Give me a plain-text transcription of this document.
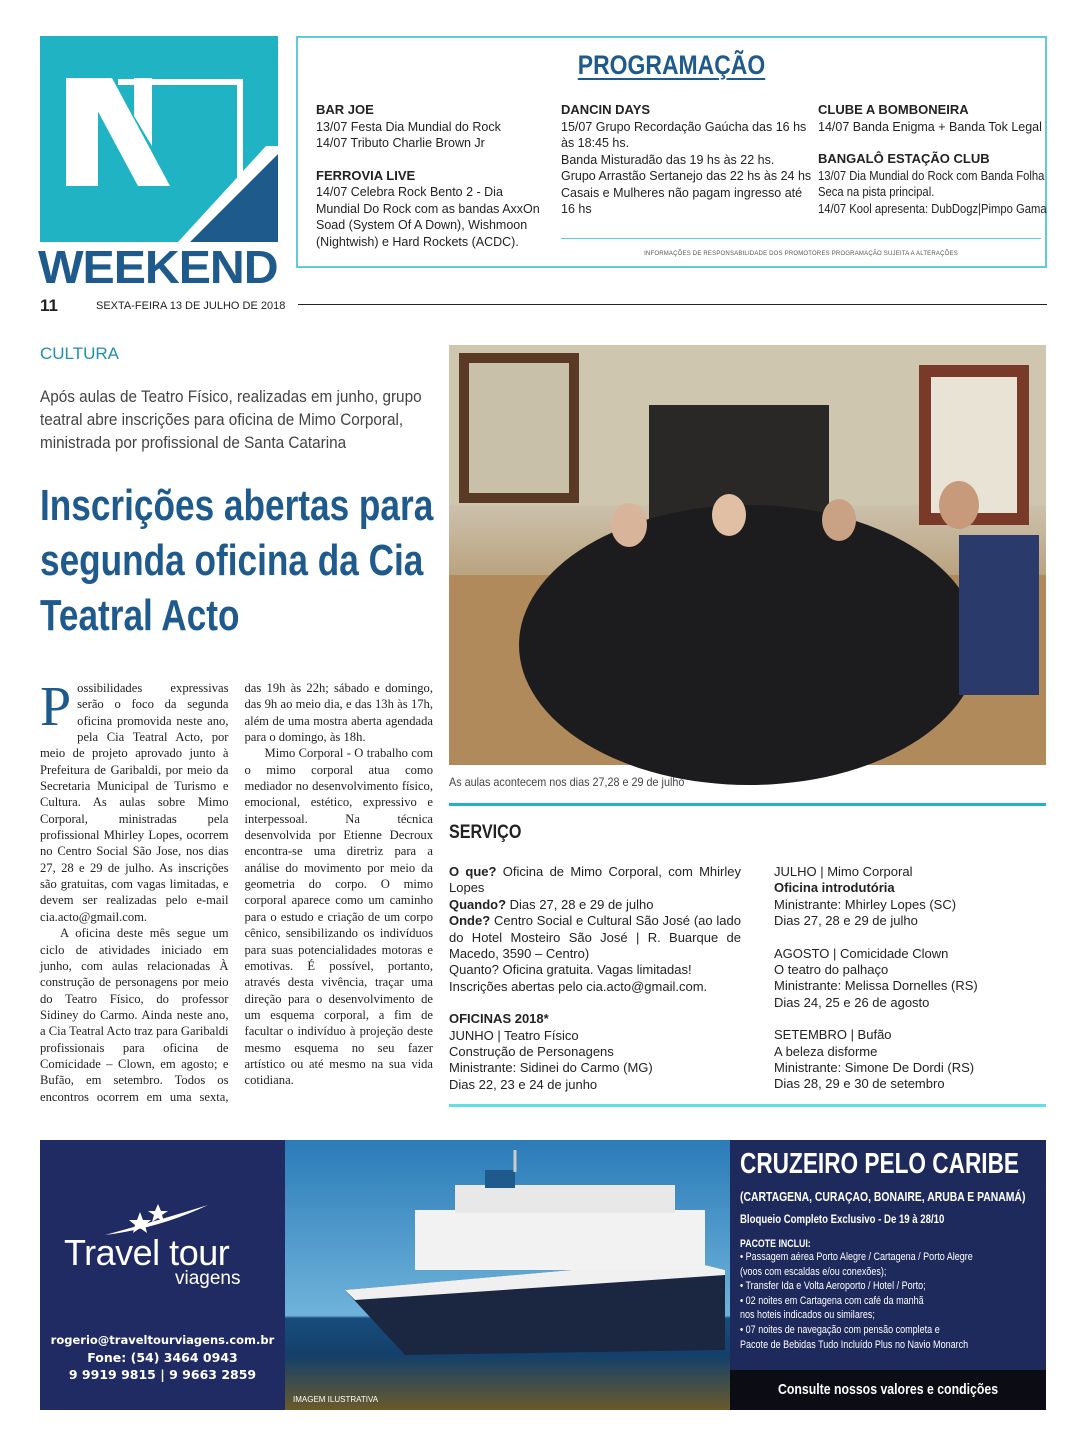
WEEKEND
11	SEXTA-FEIRA 13 DE JULHO DE 2018
PROGRAMAÇÃO
BAR JOE
13/07 Festa Dia Mundial do Rock
14/07 Tributo Charlie Brown Jr
FERROVIA LIVE
14/07 Celebra Rock Bento 2 - Dia
Mundial Do Rock com as bandas AxxOn
Soad (System Of A Down), Wishmoon
(Nightwish) e Hard Rockets (ACDC).
DANCIN DAYS
15/07 Grupo Recordação Gaúcha das 16 hs
às 18:45 hs.
Banda Misturadão das 19 hs às 22 hs.
Grupo Arrastão Sertanejo das 22 hs às 24 hs
Casais e Mulheres não pagam ingresso até
16 hs
CLUBE A BOMBONEIRA
14/07 Banda Enigma + Banda Tok Legal
BANGALÔ ESTAÇÃO CLUB
13/07 Dia Mundial do Rock com Banda Folha
Seca na pista principal.
14/07 Kool apresenta: DubDogz|Pimpo Gama
INFORMAÇÕES DE RESPONSABILIDADE DOS PROMOTORES PROGRAMAÇÃO SUJEITA A ALTERAÇÕES
CULTURA
Após aulas de Teatro Físico, realizadas em junho, grupo teatral abre inscrições para oficina de Mimo Corporal, ministrada por profissional de Santa Catarina
Inscrições abertas para segunda oficina da Cia Teatral Acto

Possibilidades expressivas serão o foco da segunda oficina promovida neste ano, pela Cia Teatral Acto, por meio de projeto aprovado junto à Prefeitura de Garibaldi, por meio da Secretaria Municipal de Turismo e Cultura. As aulas sobre Mimo Corporal, ministradas pela profissional Mhirley Lopes, ocorrem no Centro Social São Jose, nos dias 27, 28 e 29 de julho. As inscrições são gratuitas, com vagas limitadas, e devem ser realizadas pelo e-mail cia.acto@gmail.com.

A oficina deste mês segue um ciclo de atividades iniciado em junho, com aulas relacionadas À construção de personagens por meio do Teatro Físico, do professor Sidiney do Carmo. Ainda neste ano, a Cia Teatral Acto traz para Garibaldi profissionais para oficina de Comicidade – Clown, em agosto; e Bufão, em setembro. Todos os encontros ocorrem em uma sexta, das 19h às 22h; sábado e domingo, das 9h ao meio dia, e das 13h às 17h, além de uma mostra aberta agendada para o domingo, às 18h.

Mimo Corporal - O trabalho com o mimo corporal atua como mediador no desenvolvimento físico, emocional, estético, expressivo e interpessoal. Na técnica desenvolvida por Etienne Decroux encontra-se uma diretriz para a análise do movimento por meio da geometria do corpo. O mimo corporal aparece como um caminho para o estudo e criação de um corpo cênico, sensibilizando os indivíduos para suas potencialidades motoras e emotivas. É possível, portanto, através desta vivência, traçar uma direção para o desenvolvimento de um esquema corporal, a fim de facultar o indivíduo à projeção deste mesmo esquema no seu fazer artístico ou até mesmo na sua vida cotidiana.

As aulas acontecem nos dias 27,28 e 29 de julho
SERVIÇO
O que? Oficina de Mimo Corporal, com Mhirley Lopes
Quando? Dias 27, 28 e 29 de julho
Onde? Centro Social e Cultural São José (ao lado do Hotel Mosteiro São José | R. Buarque de Macedo, 3590 – Centro)
Quanto? Oficina gratuita. Vagas limitadas!
Inscrições abertas pelo cia.acto@gmail.com.
OFICINAS 2018*
JUNHO | Teatro Físico
Construção de Personagens
Ministrante: Sidinei do Carmo (MG)
Dias 22, 23 e 24 de junho
JULHO | Mimo Corporal
Oficina introdutória
Ministrante: Mhirley Lopes (SC)
Dias 27, 28 e 29 de julho
AGOSTO | Comicidade Clown
O teatro do palhaço
Ministrante: Melissa Dornelles (RS)
Dias 24, 25 e 26 de agosto
SETEMBRO | Bufão
A beleza disforme
Ministrante: Simone De Dordi (RS)
Dias 28, 29 e 30 de setembro
Travel tour
viagens
rogerio@traveltourviagens.com.br
Fone: (54) 3464 0943
9 9919 9815 | 9 9663 2859
IMAGEM ILUSTRATIVA
CRUZEIRO PELO CARIBE
(CARTAGENA, CURAÇAO, BONAIRE, ARUBA E PANAMÁ)
Bloqueio Completo Exclusivo - De 19 à 28/10
PACOTE INCLUI:
• Passagem aérea Porto Alegre / Cartagena / Porto Alegre
(voos com escaldas e/ou conexões);
• Transfer Ida e Volta Aeroporto / Hotel / Porto;
• 02 noites em Cartagena com café da manhã
nos hoteis indicados ou similares;
• 07 noites de navegação com pensão completa e
Pacote de Bebidas Tudo Incluído Plus no Navio Monarch
Consulte nossos valores e condições especiais!!!
